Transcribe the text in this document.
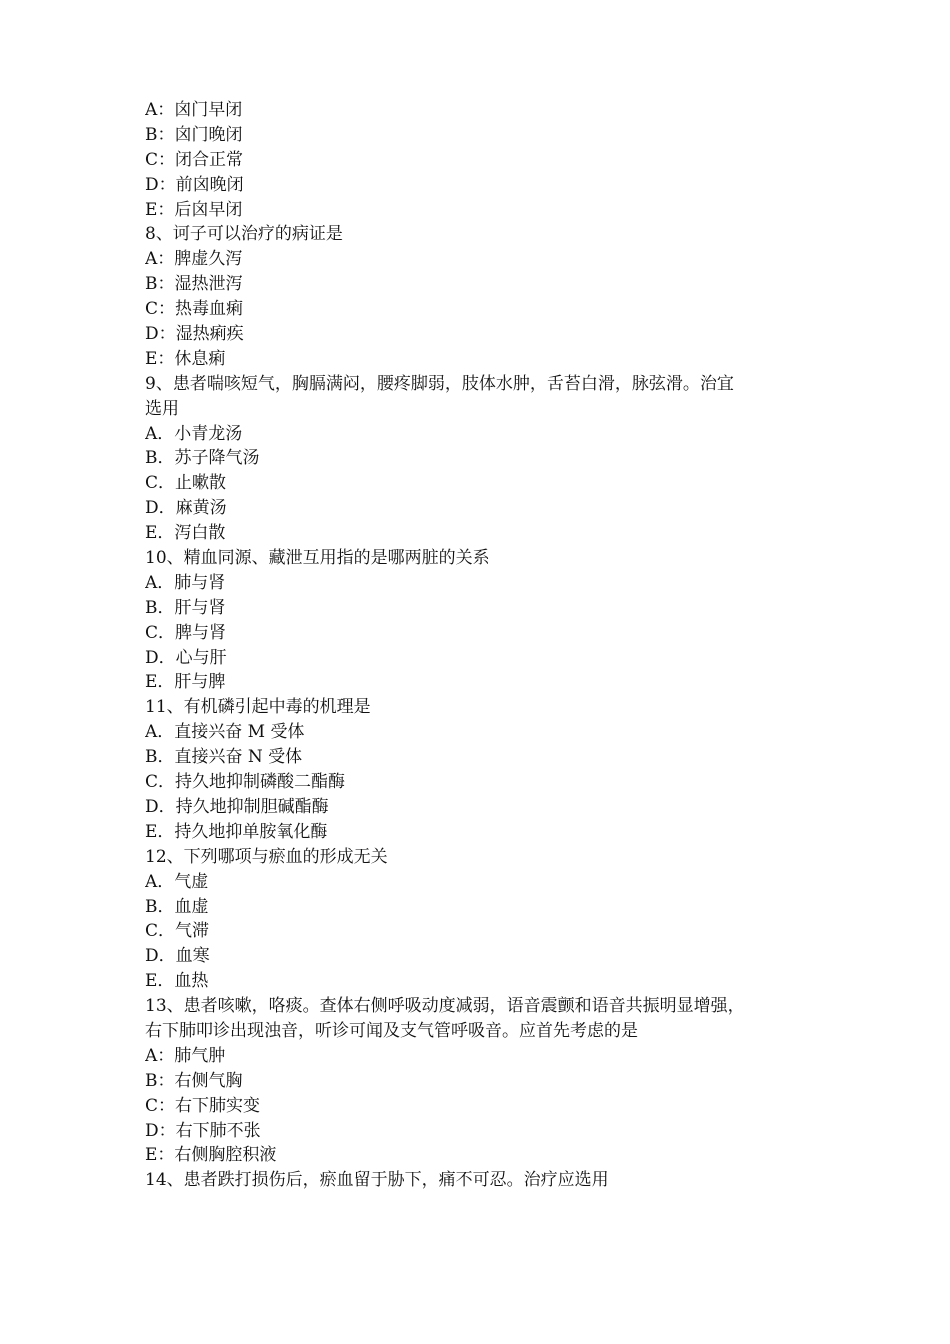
A：囟门早闭
B：囟门晚闭
C：闭合正常
D：前囟晚闭
E：后囟早闭
8、诃子可以治疗的病证是
A：脾虚久泻
B：湿热泄泻
C：热毒血痢
D：湿热痢疾
E：休息痢
9、患者喘咳短气，胸膈满闷，腰疼脚弱，肢体水肿，舌苔白滑，脉弦滑。治宜
选用
A．小青龙汤
B．苏子降气汤
C．止嗽散
D．麻黄汤
E．泻白散
10、精血同源、藏泄互用指的是哪两脏的关系
A．肺与肾
B．肝与肾
C．脾与肾
D．心与肝
E．肝与脾
11、有机磷引起中毒的机理是
A．直接兴奋 M 受体
B．直接兴奋 N 受体
C．持久地抑制磷酸二酯酶
D．持久地抑制胆碱酯酶
E．持久地抑单胺氧化酶
12、下列哪项与瘀血的形成无关
A．气虚
B．血虚
C．气滞
D．血寒
E．血热
13、患者咳嗽，咯痰。查体右侧呼吸动度减弱，语音震颤和语音共振明显增强，
右下肺叩诊出现浊音，听诊可闻及支气管呼吸音。应首先考虑的是
A：肺气肿
B：右侧气胸
C：右下肺实变
D：右下肺不张
E：右侧胸腔积液
14、患者跌打损伤后，瘀血留于胁下，痛不可忍。治疗应选用
